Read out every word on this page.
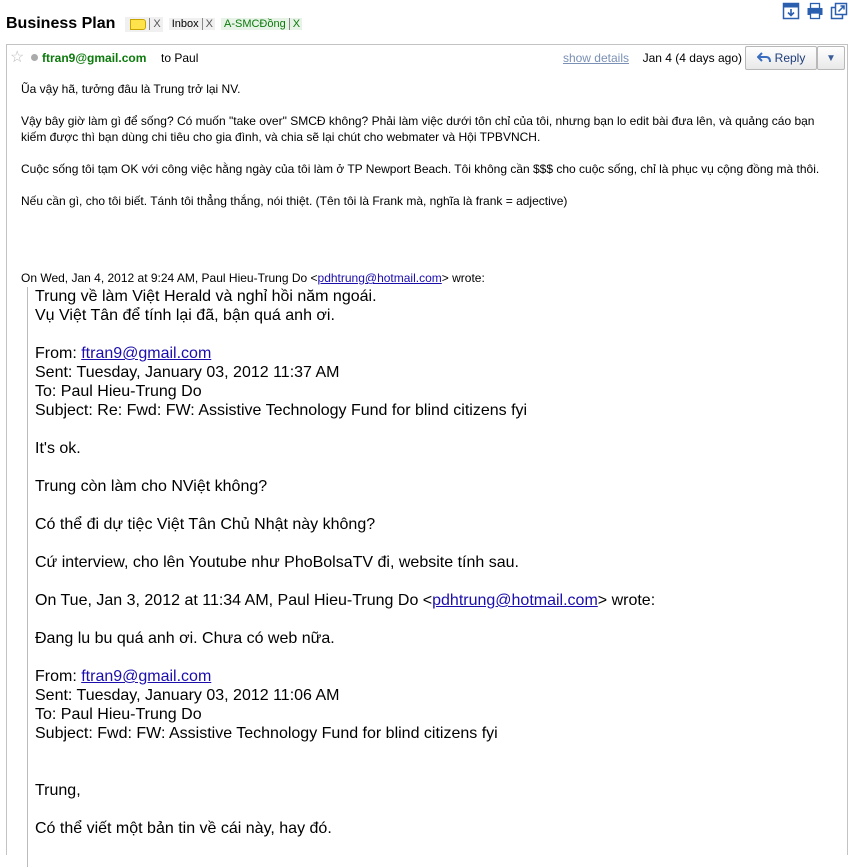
Business Plan	X Inbox X A-SMCĐồng X
☆ ftran9@gmail.com to Paul	show details Jan 4 (4 days ago)	Reply ▼

Ũa vậy hã, tưởng đâu là Trung trở lại NV.

Vậy bây giờ làm gì để sống? Có muốn "take over" SMCĐ không? Phải làm việc dưới tôn chỉ của tôi, nhưng bạn lo edit bài đưa lên, và quảng cáo bạn kiếm được thì bạn dùng chi tiêu cho gia đình, và chia sẽ lại chút cho webmater và Hội TPBVNCH.

Cuộc sống tôi tạm OK với công việc hằng ngày của tôi làm ở TP Newport Beach. Tôi không cần $$$ cho cuộc sống, chỉ là phục vụ cộng đồng mà thôi.

Nếu cần gì, cho tôi biết. Tánh tôi thẳng thắng, nói thiệt. (Tên tôi là Frank mà, nghĩa là frank = adjective)

On Wed, Jan 4, 2012 at 9:24 AM, Paul Hieu-Trung Do <pdhtrung@hotmail.com> wrote:
Trung về làm Việt Herald và nghỉ hồi năm ngoái.
Vụ Việt Tân để tính lại đã, bận quá anh ơi.
From: ftran9@gmail.com
Sent: Tuesday, January 03, 2012 11:37 AM
To: Paul Hieu-Trung Do
Subject: Re: Fwd: FW: Assistive Technology Fund for blind citizens fyi
It's ok.
Trung còn làm cho NViệt không?
Có thể đi dự tiệc Việt Tân Chủ Nhật này không?
Cứ interview, cho lên Youtube như PhoBolsaTV đi, website tính sau.
On Tue, Jan 3, 2012 at 11:34 AM, Paul Hieu-Trung Do <pdhtrung@hotmail.com> wrote:
Đang lu bu quá anh ơi. Chưa có web nữa.
From: ftran9@gmail.com
Sent: Tuesday, January 03, 2012 11:06 AM
To: Paul Hieu-Trung Do
Subject: Fwd: FW: Assistive Technology Fund for blind citizens fyi
Trung,
Có thể viết một bản tin về cái này, hay đó.
